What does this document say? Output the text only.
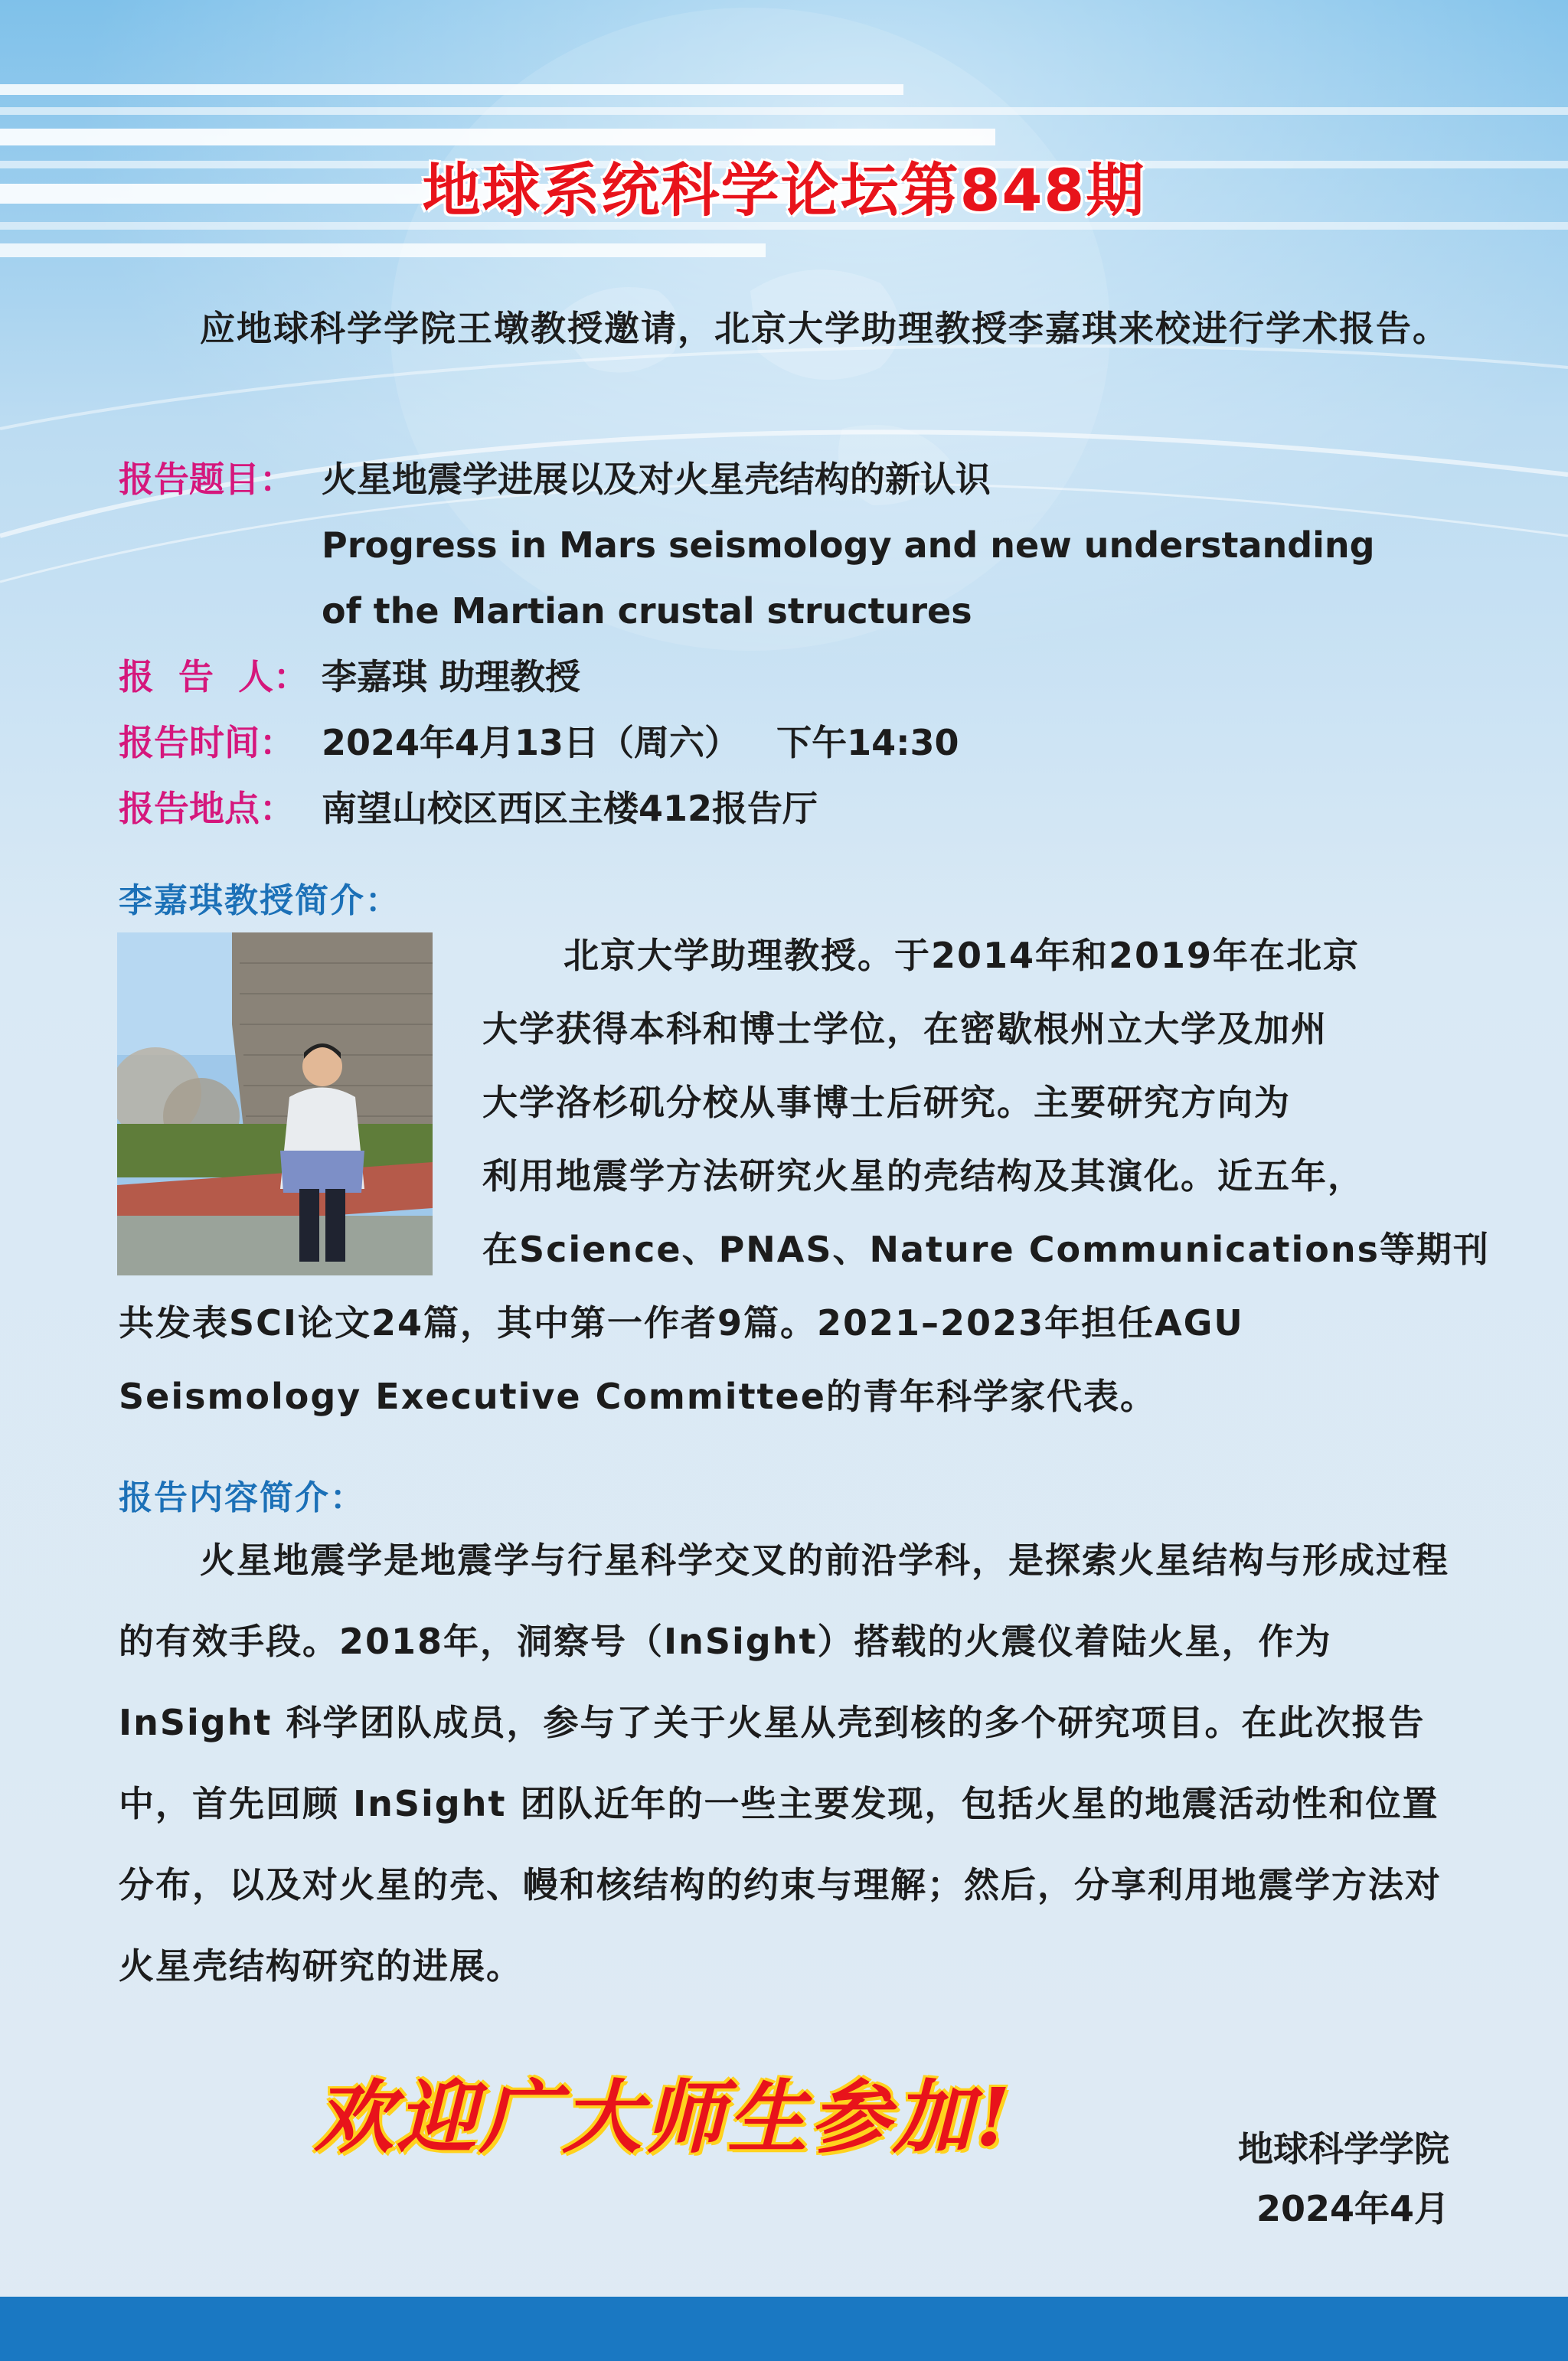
地球系统科学论坛第848期
应地球科学学院王墩教授邀请，北京大学助理教授李嘉琪来校进行学术报告。
报告题目： 火星地震学进展以及对火星壳结构的新认识
Progress in Mars seismology and new understanding
of the Martian crustal structures
报  告  人： 李嘉琪 助理教授
报告时间： 2024年4月13日（周六）   下午14:30
报告地点： 南望山校区西区主楼412报告厅
李嘉琪教授简介：
北京大学助理教授。于2014年和2019年在北京
大学获得本科和博士学位，在密歇根州立大学及加州
大学洛杉矶分校从事博士后研究。主要研究方向为
利用地震学方法研究火星的壳结构及其演化。近五年，
在Science、PNAS、Nature Communications等期刊
共发表SCI论文24篇，其中第一作者9篇。2021–2023年担任AGU
Seismology Executive Committee的青年科学家代表。
报告内容简介：
火星地震学是地震学与行星科学交叉的前沿学科，是探索火星结构与形成过程的有效手段。2018年，洞察号（InSight）搭载的火震仪着陆火星，作为 InSight 科学团队成员，参与了关于火星从壳到核的多个研究项目。在此次报告中，首先回顾 InSight 团队近年的一些主要发现，包括火星的地震活动性和位置分布，以及对火星的壳、幔和核结构的约束与理解；然后，分享利用地震学方法对火星壳结构研究的进展。
欢迎广大师生参加!	地球科学学院
2024年4月
